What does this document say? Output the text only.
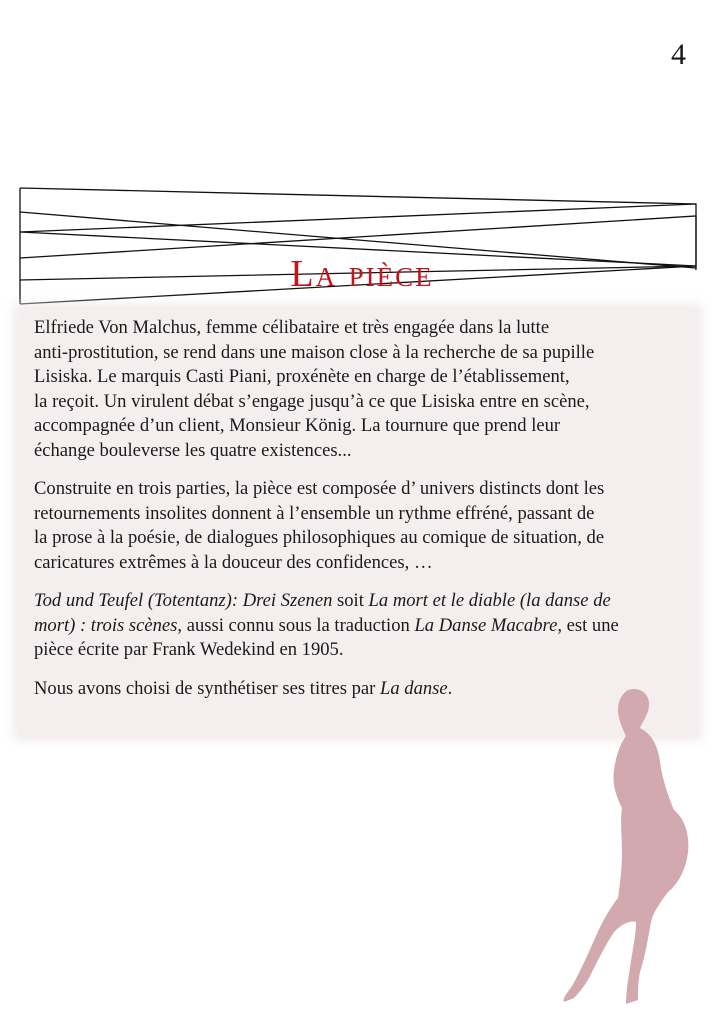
4
La pièce

Elfriede Von Malchus, femme célibataire et très engagée dans la lutte
anti-prostitution, se rend dans une maison close à la recherche de sa pupille
Lisiska. Le marquis Casti Piani, proxénète en charge de l’établissement,
la reçoit. Un virulent débat s’engage jusqu’à ce que Lisiska entre en scène,
accompagnée d’un client, Monsieur König. La tournure que prend leur
échange bouleverse les quatre existences...

Construite en trois parties, la pièce est composée d’ univers distincts dont les
retournements insolites donnent à l’ensemble un rythme effréné, passant de
la prose à la poésie, de dialogues philosophiques au comique de situation, de
caricatures extrêmes à la douceur des confidences, …

Tod und Teufel (Totentanz): Drei Szenen soit La mort et le diable (la danse de
mort) : trois scènes, aussi connu sous la traduction La Danse Macabre, est une
pièce écrite par Frank Wedekind en 1905.

Nous avons choisi de synthétiser ses titres par La danse.
